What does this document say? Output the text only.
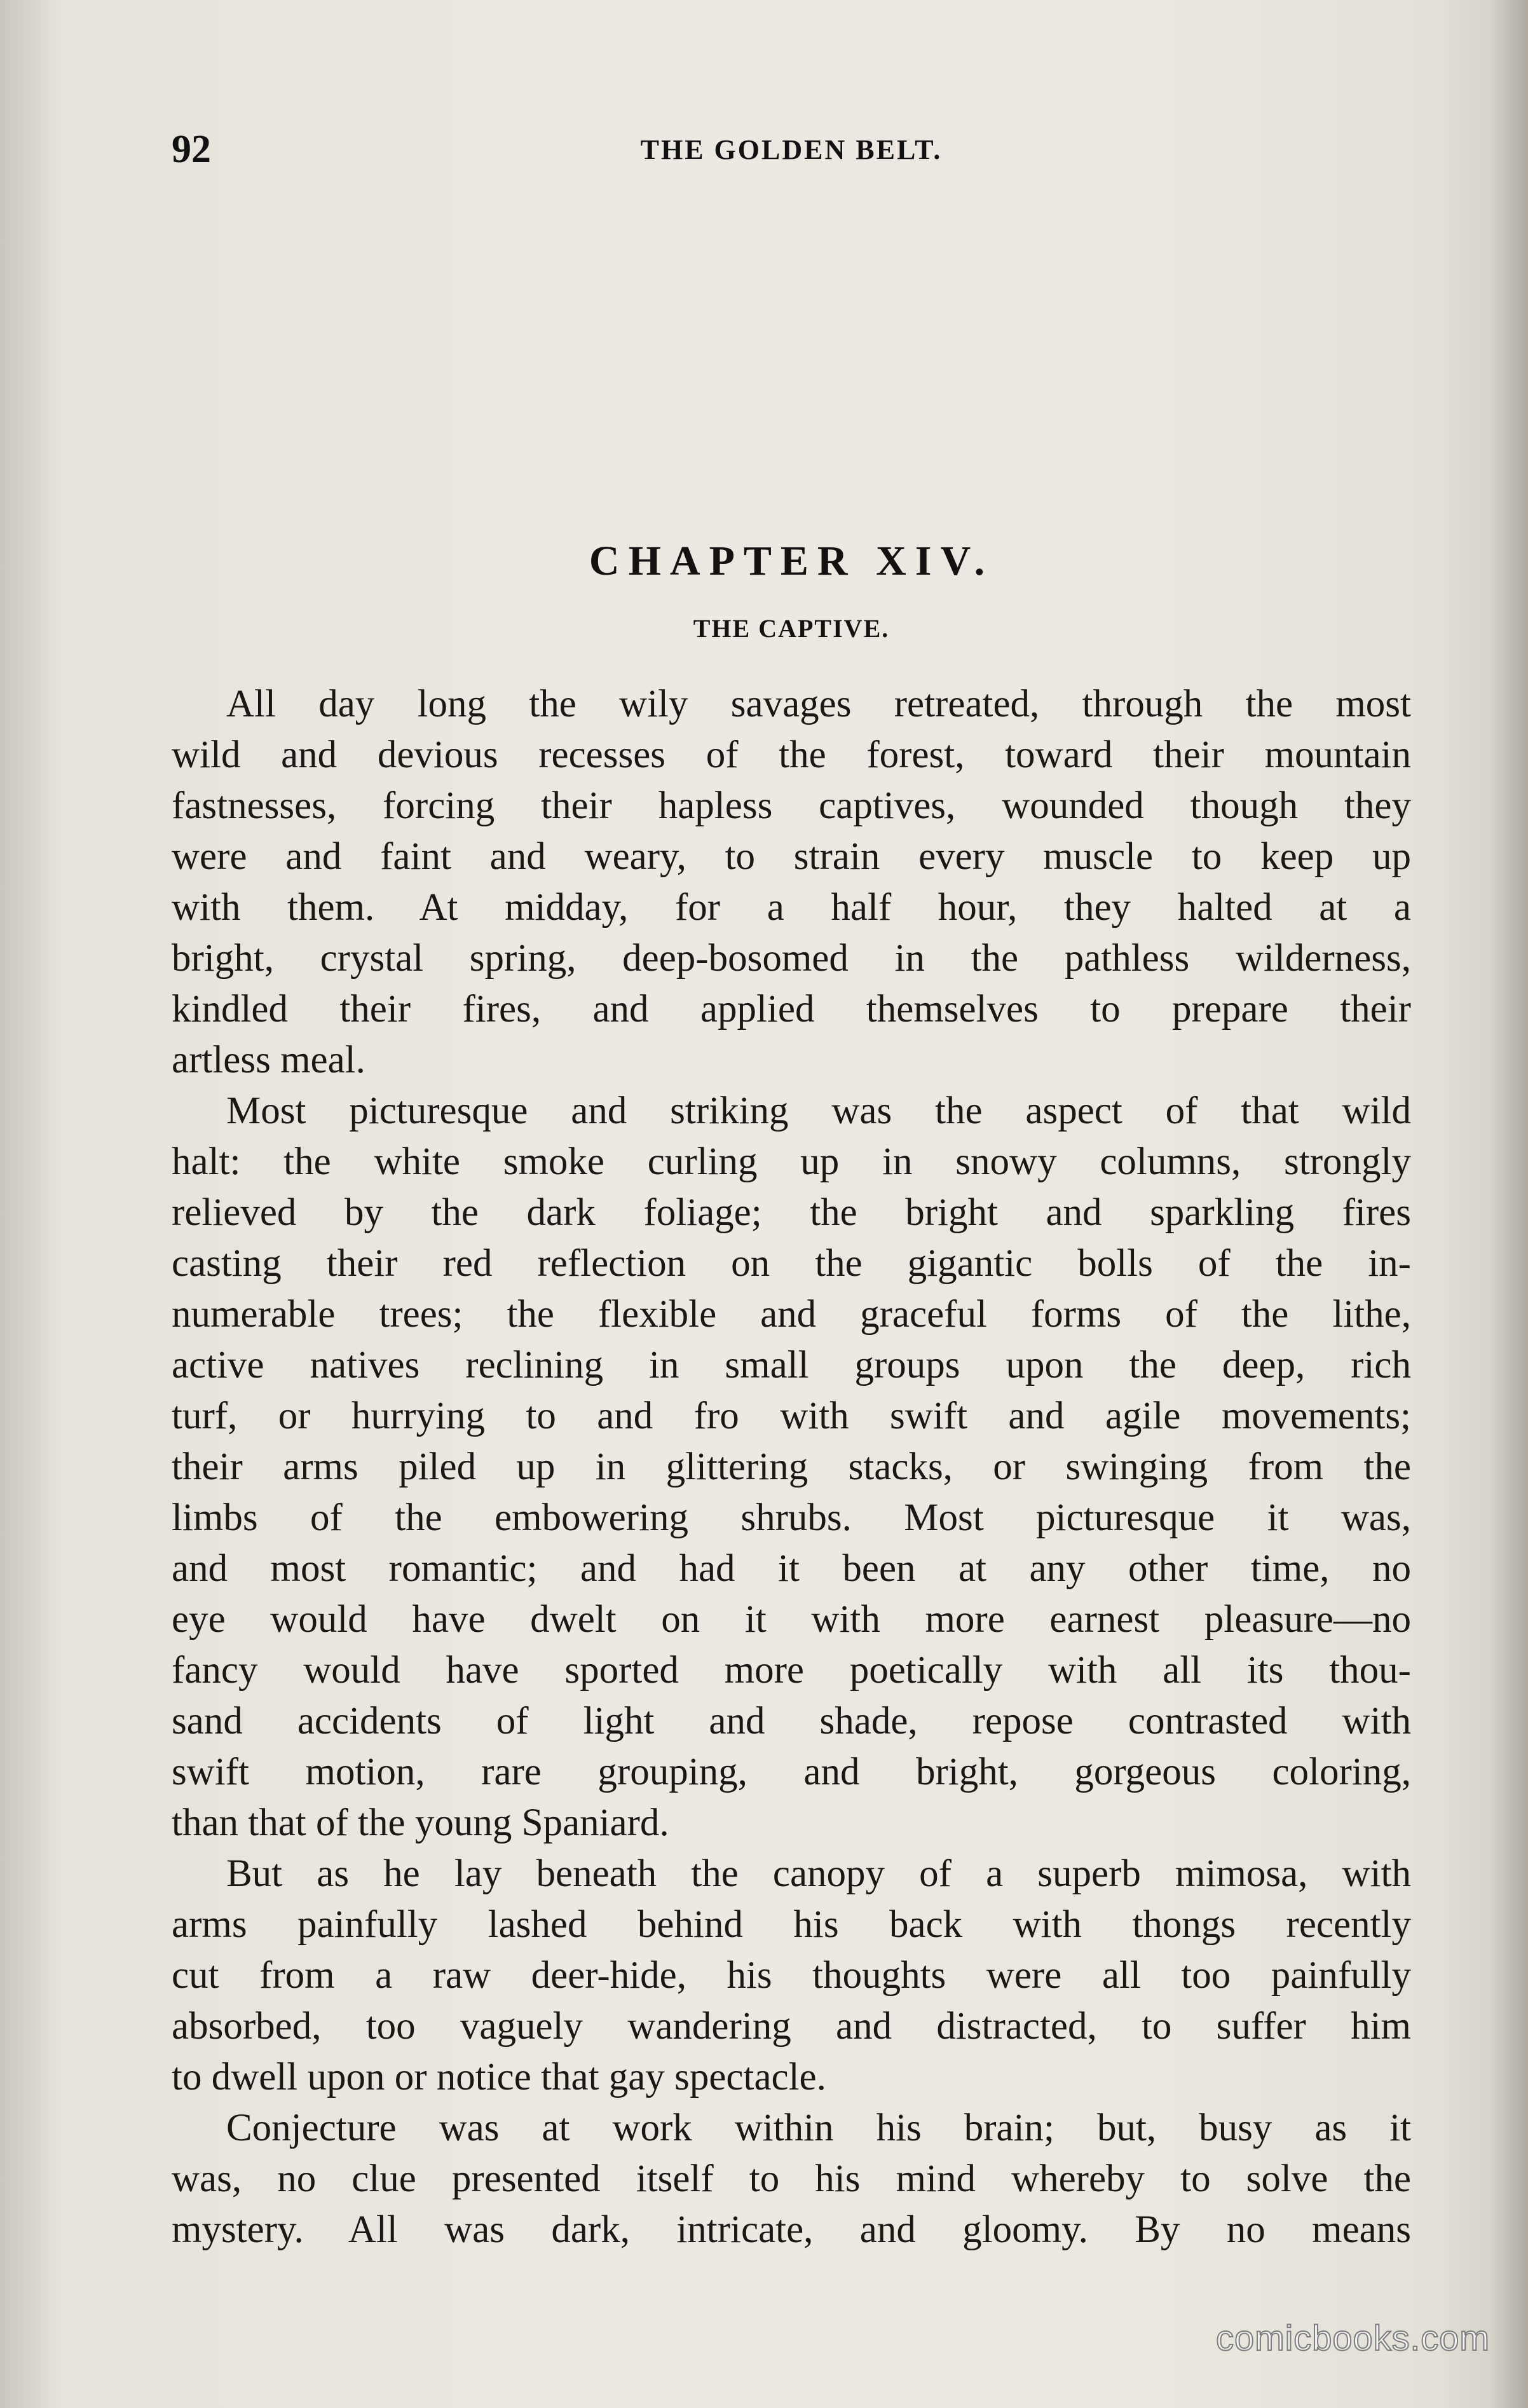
92	THE GOLDEN BELT.
CHAPTER XIV.
THE CAPTIVE.
All day long the wily savages retreated, through the most
wild and devious recesses of the forest, toward their mountain
fastnesses, forcing their hapless captives, wounded though they
were and faint and weary, to strain every muscle to keep up
with them. At midday, for a half hour, they halted at a
bright, crystal spring, deep-bosomed in the pathless wilderness,
kindled their fires, and applied themselves to prepare their
artless meal.
Most picturesque and striking was the aspect of that wild
halt: the white smoke curling up in snowy columns, strongly
relieved by the dark foliage; the bright and sparkling fires
casting their red reflection on the gigantic bolls of the in-
numerable trees; the flexible and graceful forms of the lithe,
active natives reclining in small groups upon the deep, rich
turf, or hurrying to and fro with swift and agile movements;
their arms piled up in glittering stacks, or swinging from the
limbs of the embowering shrubs. Most picturesque it was,
and most romantic; and had it been at any other time, no
eye would have dwelt on it with more earnest pleasure—no
fancy would have sported more poetically with all its thou-
sand accidents of light and shade, repose contrasted with
swift motion, rare grouping, and bright, gorgeous coloring,
than that of the young Spaniard.
But as he lay beneath the canopy of a superb mimosa, with
arms painfully lashed behind his back with thongs recently
cut from a raw deer-hide, his thoughts were all too painfully
absorbed, too vaguely wandering and distracted, to suffer him
to dwell upon or notice that gay spectacle.
Conjecture was at work within his brain; but, busy as it
was, no clue presented itself to his mind whereby to solve the
mystery. All was dark, intricate, and gloomy. By no means
comicbooks.com
